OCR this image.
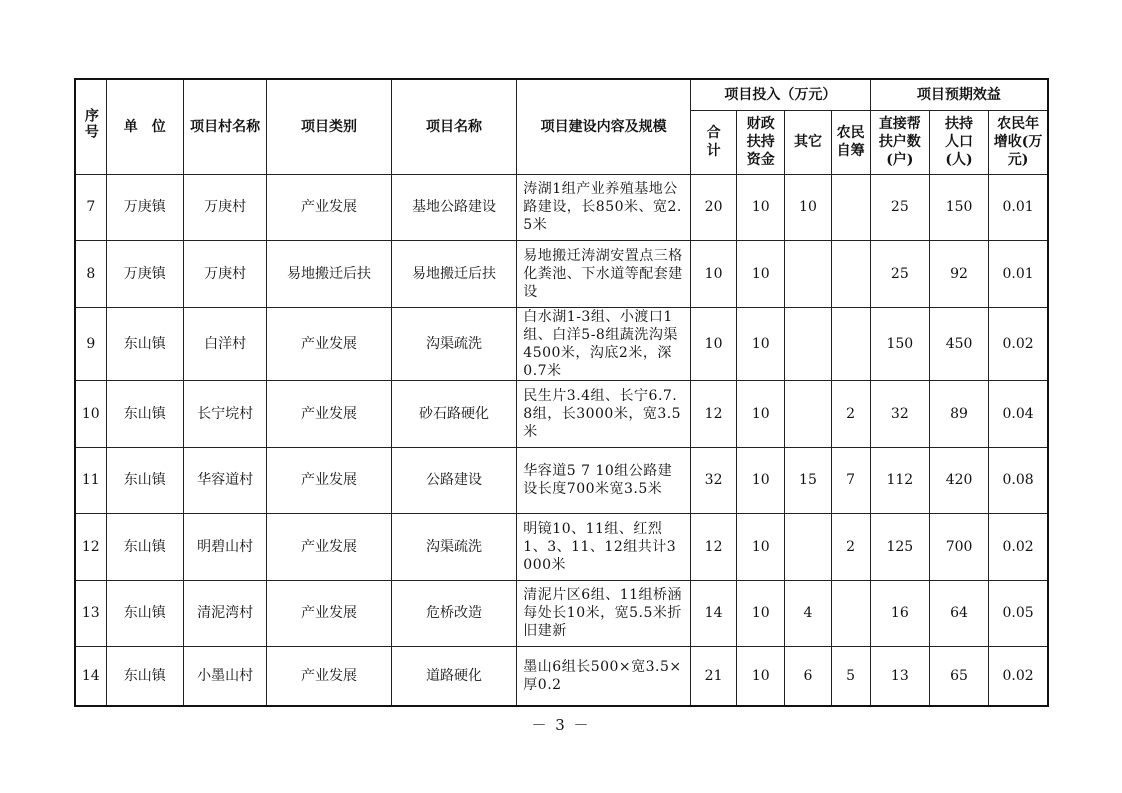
序号	单　位	项目村名称	项目类别	项目名称	项目建设内容及规模	项目投入（万元）				项目预期效益		

						合计	财政扶持资金	其它	农民自筹	直接帮扶户数(户)	扶持人口(人)	农民年增收(万元)

7	万庚镇	万庚村	产业发展	基地公路建设	涛湖1组产业养殖基地公路建设，长850米、宽2.5米	20	10	10		25	150	0.01
8	万庚镇	万庚村	易地搬迁后扶	易地搬迁后扶	易地搬迁涛湖安置点三格化粪池、下水道等配套建设	10	10			25	92	0.01
9	东山镇	白洋村	产业发展	沟渠疏洗	白水湖1-3组、小渡口1组、白洋5-8组蔬洗沟渠4500米，沟底2米，深0.7米	10	10			150	450	0.02
10	东山镇	长宁垸村	产业发展	砂石路硬化	民生片3.4组、长宁6.7.8组，长3000米，宽3.5米	12	10		2	32	89	0.04
11	东山镇	华容道村	产业发展	公路建设	华容道5 7 10组公路建设长度700米宽3.5米	32	10	15	7	112	420	0.08
12	东山镇	明碧山村	产业发展	沟渠疏洗	明镜10、11组、红烈1、3、11、12组共计3000米	12	10		2	125	700	0.02
13	东山镇	清泥湾村	产业发展	危桥改造	清泥片区6组、11组桥涵每处长10米，宽5.5米折旧建新	14	10	4		16	64	0.05
14	东山镇	小墨山村	产业发展	道路硬化	墨山6组长500×宽3.5×厚0.2	21	10	6	5	13	65	0.02
－ 3 －
